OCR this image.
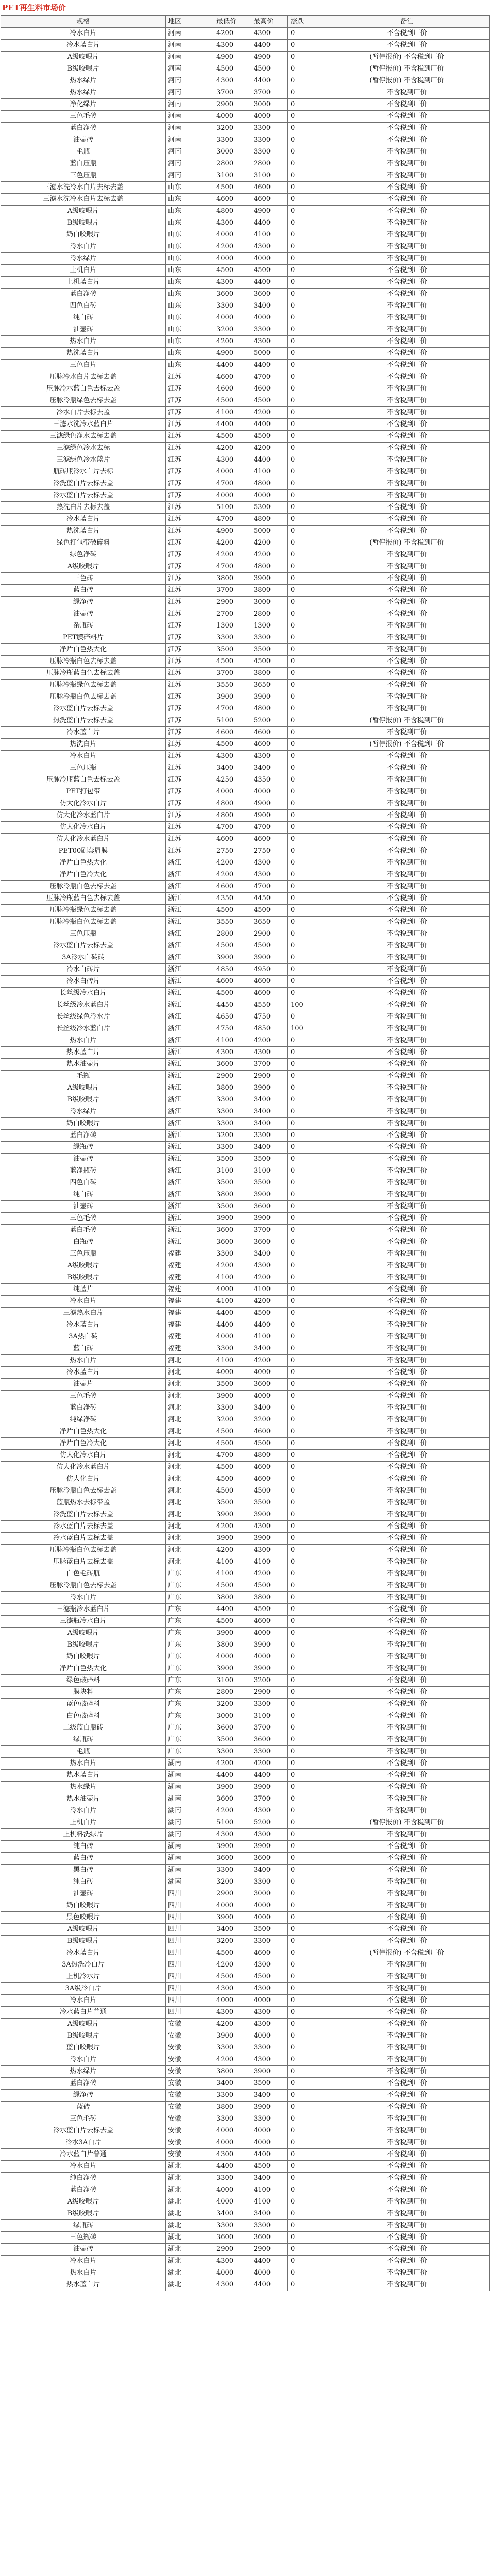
PET再生料市场价
规格	地区	最低价	最高价	涨跌	备注
冷水白片	河南	4200	4300	0	不含税到厂价
冷水蓝白片	河南	4300	4400	0	不含税到厂价
A级咬喂片	河南	4900	4900	0	(暂停报价) 不含税到厂价
B级咬喂片	河南	4500	4500	0	(暂停报价) 不含税到厂价
热水绿片	河南	4300	4400	0	(暂停报价) 不含税到厂价
热水绿片	河南	3700	3700	0	不含税到厂价
净化绿片	河南	2900	3000	0	不含税到厂价
三色毛砖	河南	4000	4000	0	不含税到厂价
蓝白净砖	河南	3200	3300	0	不含税到厂价
油壶砖	河南	3300	3300	0	不含税到厂价
毛瓶	河南	3000	3300	0	不含税到厂价
蓝白压瓶	河南	2800	2800	0	不含税到厂价
三色压瓶	河南	3100	3100	0	不含税到厂价
三滤水洗冷水白片去标去盖	山东	4500	4600	0	不含税到厂价
三滤水洗冷水白片去标去盖	山东	4600	4600	0	不含税到厂价
A级咬喂片	山东	4800	4900	0	不含税到厂价
B级咬喂片	山东	4300	4400	0	不含税到厂价
奶白咬喂片	山东	4000	4100	0	不含税到厂价
冷水白片	山东	4200	4300	0	不含税到厂价
冷水绿片	山东	4000	4000	0	不含税到厂价
上机白片	山东	4500	4500	0	不含税到厂价
上机蓝白片	山东	4300	4400	0	不含税到厂价
蓝白净砖	山东	3600	3600	0	不含税到厂价
四色白砖	山东	3300	3400	0	不含税到厂价
纯白砖	山东	4000	4000	0	不含税到厂价
油壶砖	山东	3200	3300	0	不含税到厂价
热水白片	山东	4200	4300	0	不含税到厂价
热洗蓝白片	山东	4900	5000	0	不含税到厂价
三色白片	山东	4400	4400	0	不含税到厂价
压脉冷水白片去标去盖	江苏	4600	4700	0	不含税到厂价
压脉冷水蓝白色去标去盖	江苏	4600	4600	0	不含税到厂价
压脉冷瓶绿色去标去盖	江苏	4500	4500	0	不含税到厂价
冷水白片去标去盖	江苏	4100	4200	0	不含税到厂价
三滤水洗冷水蓝白片	江苏	4400	4400	0	不含税到厂价
三滤绿色净水去标去盖	江苏	4500	4500	0	不含税到厂价
三滤绿色冷水去标	江苏	4200	4200	0	不含税到厂价
三滤绿色冷水蓝片	江苏	4300	4400	0	不含税到厂价
瓶砖瓶冷水白片去标	江苏	4000	4100	0	不含税到厂价
冷洗蓝白片去标去盖	江苏	4700	4800	0	不含税到厂价
冷水蓝白片去标去盖	江苏	4000	4000	0	不含税到厂价
热洗白片去标去盖	江苏	5100	5300	0	不含税到厂价
冷水蓝白片	江苏	4700	4800	0	不含税到厂价
热洗蓝白片	江苏	4900	5000	0	不含税到厂价
绿色打包带破碎料	江苏	4200	4200	0	(暂停报价) 不含税到厂价
绿色净砖	江苏	4200	4200	0	不含税到厂价
A级咬喂片	江苏	4700	4800	0	不含税到厂价
三色砖	江苏	3800	3900	0	不含税到厂价
蓝白砖	江苏	3700	3800	0	不含税到厂价
绿净砖	江苏	2900	3000	0	不含税到厂价
油壶砖	江苏	2700	2800	0	不含税到厂价
杂瓶砖	江苏	1300	1300	0	不含税到厂价
PET膜碎料片	江苏	3300	3300	0	不含税到厂价
净片白色热大化	江苏	3500	3500	0	不含税到厂价
压脉冷瓶白色去标去盖	江苏	4500	4500	0	不含税到厂价
压脉冷瓶蓝白色去标去盖	江苏	3700	3800	0	不含税到厂价
压脉冷瓶绿色去标去盖	江苏	3550	3650	0	不含税到厂价
压脉冷瓶白色去标去盖	江苏	3900	3900	0	不含税到厂价
冷水蓝白片去标去盖	江苏	4700	4800	0	不含税到厂价
热洗蓝白片去标去盖	江苏	5100	5200	0	(暂停报价) 不含税到厂价
冷水蓝白片	江苏	4600	4600	0	不含税到厂价
热洗白片	江苏	4500	4600	0	(暂停报价) 不含税到厂价
冷水白片	江苏	4300	4300	0	不含税到厂价
三色压瓶	江苏	3400	3400	0	不含税到厂价
压脉冷瓶蓝白色去标去盖	江苏	4250	4350	0	不含税到厂价
PET打包带	江苏	4000	4000	0	不含税到厂价
仿大化冷水白片	江苏	4800	4900	0	不含税到厂价
仿大化冷水蓝白片	江苏	4800	4900	0	不含税到厂价
仿大化冷水白片	江苏	4700	4700	0	不含税到厂价
仿大化冷水蓝白片	江苏	4600	4600	0	不含税到厂价
PET00刷套屑膜	江苏	2750	2750	0	不含税到厂价
净片白色热大化	浙江	4200	4300	0	不含税到厂价
净片白色冷大化	浙江	4200	4300	0	不含税到厂价
压脉冷瓶白色去标去盖	浙江	4600	4700	0	不含税到厂价
压脉冷瓶蓝白色去标去盖	浙江	4350	4450	0	不含税到厂价
压脉冷瓶绿色去标去盖	浙江	4500	4500	0	不含税到厂价
压脉冷瓶白色去标去盖	浙江	3550	3650	0	不含税到厂价
三色压瓶	浙江	2800	2900	0	不含税到厂价
冷水蓝白片去标去盖	浙江	4500	4500	0	不含税到厂价
3A冷水白砖砖	浙江	3900	3900	0	不含税到厂价
冷水白砖片	浙江	4850	4950	0	不含税到厂价
冷水白砖片	浙江	4600	4600	0	不含税到厂价
长丝级冷水白片	浙江	4500	4600	0	不含税到厂价
长丝级冷水蓝白片	浙江	4450	4550	100	不含税到厂价
长丝级绿色冷水片	浙江	4650	4750	0	不含税到厂价
长丝级冷水蓝白片	浙江	4750	4850	100	不含税到厂价
热水白片	浙江	4100	4200	0	不含税到厂价
热水蓝白片	浙江	4300	4300	0	不含税到厂价
热水油壶片	浙江	3600	3700	0	不含税到厂价
毛瓶	浙江	2900	2900	0	不含税到厂价
A级咬喂片	浙江	3800	3900	0	不含税到厂价
B级咬喂片	浙江	3300	3400	0	不含税到厂价
冷水绿片	浙江	3300	3400	0	不含税到厂价
奶白咬喂片	浙江	3300	3400	0	不含税到厂价
蓝白净砖	浙江	3200	3300	0	不含税到厂价
绿瓶砖	浙江	3300	3400	0	不含税到厂价
油壶砖	浙江	3500	3500	0	不含税到厂价
蓝净瓶砖	浙江	3100	3100	0	不含税到厂价
四色白砖	浙江	3500	3500	0	不含税到厂价
纯白砖	浙江	3800	3900	0	不含税到厂价
油壶砖	浙江	3500	3600	0	不含税到厂价
三色毛砖	浙江	3900	3900	0	不含税到厂价
蓝白毛砖	浙江	3600	3700	0	不含税到厂价
白瓶砖	浙江	3600	3600	0	不含税到厂价
三色压瓶	福建	3300	3400	0	不含税到厂价
A级咬喂片	福建	4200	4300	0	不含税到厂价
B级咬喂片	福建	4100	4200	0	不含税到厂价
纯蓝片	福建	4000	4100	0	不含税到厂价
冷水白片	福建	4100	4200	0	不含税到厂价
三滤热水白片	福建	4400	4500	0	不含税到厂价
冷水蓝白片	福建	4400	4400	0	不含税到厂价
3A热白砖	福建	4000	4100	0	不含税到厂价
蓝白砖	福建	3300	3400	0	不含税到厂价
热水白片	河北	4100	4200	0	不含税到厂价
冷水蓝白片	河北	4000	4000	0	不含税到厂价
油壶片	河北	3500	3600	0	不含税到厂价
三色毛砖	河北	3900	4000	0	不含税到厂价
蓝白净砖	河北	3300	3400	0	不含税到厂价
纯绿净砖	河北	3200	3200	0	不含税到厂价
净片白色热大化	河北	4500	4600	0	不含税到厂价
净片白色冷大化	河北	4500	4500	0	不含税到厂价
仿大化冷水白片	河北	4700	4800	0	不含税到厂价
仿大化冷水蓝白片	河北	4500	4600	0	不含税到厂价
仿大化白片	河北	4500	4600	0	不含税到厂价
压脉冷瓶白色去标去盖	河北	4500	4500	0	不含税到厂价
蓝瓶热水去标带盖	河北	3500	3500	0	不含税到厂价
冷洗蓝白片去标去盖	河北	3900	3900	0	不含税到厂价
冷水蓝白片去标去盖	河北	4200	4300	0	不含税到厂价
冷水蓝白片去标去盖	河北	3900	3900	0	不含税到厂价
压脉冷瓶白色去标去盖	河北	4200	4300	0	不含税到厂价
压脉蓝白片去标去盖	河北	4100	4100	0	不含税到厂价
白色毛砖瓶	广东	4100	4200	0	不含税到厂价
压脉冷瓶白色去标去盖	广东	4500	4500	0	不含税到厂价
冷水白片	广东	3800	3800	0	不含税到厂价
三滤瓶冷水蓝白片	广东	4400	4500	0	不含税到厂价
三滤瓶冷水白片	广东	4500	4600	0	不含税到厂价
A级咬喂片	广东	3900	4000	0	不含税到厂价
B级咬喂片	广东	3800	3900	0	不含税到厂价
奶白咬喂片	广东	4000	4000	0	不含税到厂价
净片白色热大化	广东	3900	3900	0	不含税到厂价
绿色破碎料	广东	3100	3200	0	不含税到厂价
膜块料	广东	2800	2900	0	不含税到厂价
蓝色破碎料	广东	3200	3300	0	不含税到厂价
白色破碎料	广东	3000	3100	0	不含税到厂价
二级蓝白瓶砖	广东	3600	3700	0	不含税到厂价
绿瓶砖	广东	3500	3600	0	不含税到厂价
毛瓶	广东	3300	3300	0	不含税到厂价
热水白片	湖南	4200	4200	0	不含税到厂价
热水蓝白片	湖南	4400	4400	0	不含税到厂价
热水绿片	湖南	3900	3900	0	不含税到厂价
热水油壶片	湖南	3600	3700	0	不含税到厂价
冷水白片	湖南	4200	4300	0	不含税到厂价
上机白片	湖南	5100	5200	0	(暂停报价) 不含税到厂价
上机料洗绿片	湖南	4300	4300	0	不含税到厂价
纯白砖	湖南	3900	3900	0	不含税到厂价
蓝白砖	湖南	3600	3600	0	不含税到厂价
黑白砖	湖南	3300	3400	0	不含税到厂价
纯白砖	湖南	3200	3300	0	不含税到厂价
油壶砖	四川	2900	3000	0	不含税到厂价
奶白咬喂片	四川	4000	4000	0	不含税到厂价
黑色咬喂片	四川	3900	4000	0	不含税到厂价
A级咬喂片	四川	3400	3500	0	不含税到厂价
B级咬喂片	四川	3200	3300	0	不含税到厂价
冷水蓝白片	四川	4500	4600	0	(暂停报价) 不含税到厂价
3A热洗冷白片	四川	4200	4300	0	不含税到厂价
上机冷水片	四川	4500	4500	0	不含税到厂价
3A级冷白片	四川	4300	4300	0	不含税到厂价
冷水白片	四川	4000	4000	0	不含税到厂价
冷水蓝白片普通	四川	4300	4300	0	不含税到厂价
A级咬喂片	安徽	4200	4300	0	不含税到厂价
B级咬喂片	安徽	3900	4000	0	不含税到厂价
蓝白咬喂片	安徽	3300	3300	0	不含税到厂价
冷水白片	安徽	4200	4300	0	不含税到厂价
热水绿片	安徽	3800	3900	0	不含税到厂价
蓝白净砖	安徽	3400	3500	0	不含税到厂价
绿净砖	安徽	3300	3400	0	不含税到厂价
蓝砖	安徽	3800	3900	0	不含税到厂价
三色毛砖	安徽	3300	3300	0	不含税到厂价
冷水蓝白片去标去盖	安徽	4000	4000	0	不含税到厂价
冷水3A白片	安徽	4000	4000	0	不含税到厂价
冷水蓝白片普通	安徽	4300	4400	0	不含税到厂价
冷水白片	湖北	4400	4500	0	不含税到厂价
纯白净砖	湖北	3300	3400	0	不含税到厂价
蓝白净砖	湖北	4000	4100	0	不含税到厂价
A级咬喂片	湖北	4000	4100	0	不含税到厂价
B级咬喂片	湖北	3400	3400	0	不含税到厂价
绿瓶砖	湖北	3300	3300	0	不含税到厂价
三色瓶砖	湖北	3600	3600	0	不含税到厂价
油壶砖	湖北	2900	2900	0	不含税到厂价
冷水白片	湖北	4300	4400	0	不含税到厂价
热水白片	湖北	4000	4000	0	不含税到厂价
热水蓝白片	湖北	4300	4400	0	不含税到厂价
